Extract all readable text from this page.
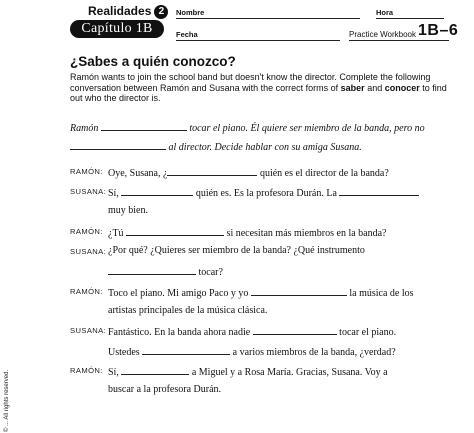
Realidades 2
Capítulo 1B
Nombre	Hora
Fecha	Practice Workbook 1B–6
¿Sabes a quién conozco?
Ramón wants to join the school band but doesn't know the director. Complete the following conversation between Ramón and Susana with the correct forms of saber and conocer to find out who the director is.
Ramón	tocar el piano. Él quiere ser miembro de la banda, pero no
al director. Decide hablar con su amiga Susana.
RAMÓN: Oye, Susana, ¿	quién es el director de la banda?
SUSANA: Sí,	quién es. Es la profesora Durán. La
muy bien.
RAMÓN: ¿Tú	si necesitan más miembros en la banda?
SUSANA: ¿Por qué? ¿Quieres ser miembro de la banda? ¿Qué instrumento
tocar?
RAMÓN: Toco el piano. Mi amigo Paco y yo	la música de los
artistas principales de la música clásica.
SUSANA: Fantástico. En la banda ahora nadie	tocar el piano.
Ustedes	a varios miembros de la banda, ¿verdad?
RAMÓN: Sí,	a Miguel y a Rosa María. Gracias, Susana. Voy a
buscar a la profesora Durán.
© ... All rights reserved.
